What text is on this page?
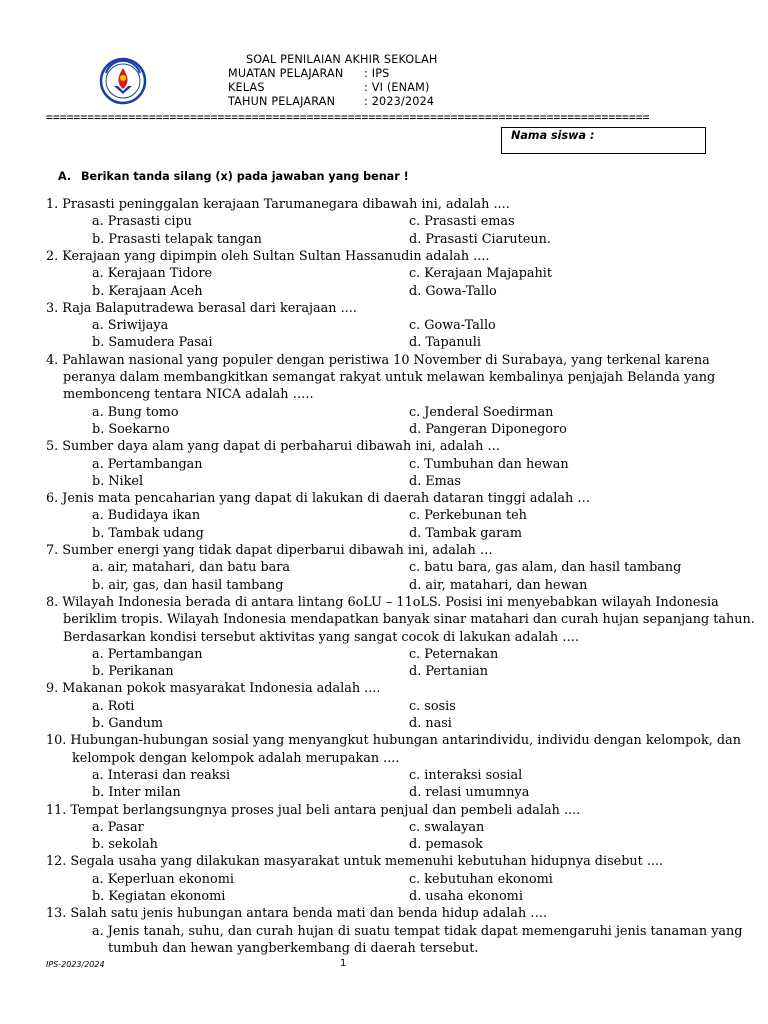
SOAL PENILAIAN AKHIR SEKOLAH
MUATAN PELAJARAN : IPS
KELAS	: VI (ENAM)
TAHUN PELAJARAN	: 2023/2024
========================================================================================
Nama siswa :
A. Berikan tanda silang (x) pada jawaban yang benar !
1. Prasasti peninggalan kerajaan Tarumanegara dibawah ini, adalah ....
a. Prasasti cipu	c. Prasasti emas
b. Prasasti telapak tangan	d. Prasasti Ciaruteun.
2. Kerajaan yang dipimpin oleh Sultan Sultan Hassanudin adalah ....
a. Kerajaan Tidore	c. Kerajaan Majapahit
b. Kerajaan Aceh	d. Gowa-Tallo
3. Raja Balaputradewa berasal dari kerajaan ....
a. Sriwijaya	c. Gowa-Tallo
b. Samudera Pasai	d. Tapanuli
4. Pahlawan nasional yang populer dengan peristiwa 10 November di Surabaya, yang terkenal karena
peranya dalam membangkitkan semangat rakyat untuk melawan kembalinya penjajah Belanda yang
membonceng tentara NICA adalah …..
a. Bung tomo	c. Jenderal Soedirman
b. Soekarno	d. Pangeran Diponegoro
5. Sumber daya alam yang dapat di perbaharui dibawah ini, adalah …
a. Pertambangan	c. Tumbuhan dan hewan
b. Nikel	d. Emas
6. Jenis mata pencaharian yang dapat di lakukan di daerah dataran tinggi adalah …
a. Budidaya ikan	c. Perkebunan teh
b. Tambak udang	d. Tambak garam
7. Sumber energi yang tidak dapat diperbarui dibawah ini, adalah …
a. air, matahari, dan batu bara	c. batu bara, gas alam, dan hasil tambang
b. air, gas, dan hasil tambang	d. air, matahari, dan hewan
8. Wilayah Indonesia berada di antara lintang 6oLU – 11oLS. Posisi ini menyebabkan wilayah Indonesia
beriklim tropis. Wilayah Indonesia mendapatkan banyak sinar matahari dan curah hujan sepanjang tahun.
Berdasarkan kondisi tersebut aktivitas yang sangat cocok di lakukan adalah ….
a. Pertambangan	c. Peternakan
b. Perikanan	d. Pertanian
9. Makanan pokok masyarakat Indonesia adalah ....
a. Roti	c. sosis
b. Gandum	d. nasi
10. Hubungan-hubungan sosial yang menyangkut hubungan antarindividu, individu dengan kelompok, dan
kelompok dengan kelompok adalah merupakan ....
a. Interasi dan reaksi	c. interaksi sosial
b. Inter milan	d. relasi umumnya
11. Tempat berlangsungnya proses jual beli antara penjual dan pembeli adalah ....
a. Pasar	c. swalayan
b. sekolah	d. pemasok
12. Segala usaha yang dilakukan masyarakat untuk memenuhi kebutuhan hidupnya disebut ....
a. Keperluan ekonomi	c. kebutuhan ekonomi
b. Kegiatan ekonomi	d. usaha ekonomi
13. Salah satu jenis hubungan antara benda mati dan benda hidup adalah ….
a. Jenis tanah, suhu, dan curah hujan di suatu tempat tidak dapat memengaruhi jenis tanaman yang
tumbuh dan hewan yangberkembang di daerah tersebut.
IPS-2023/2024	1
